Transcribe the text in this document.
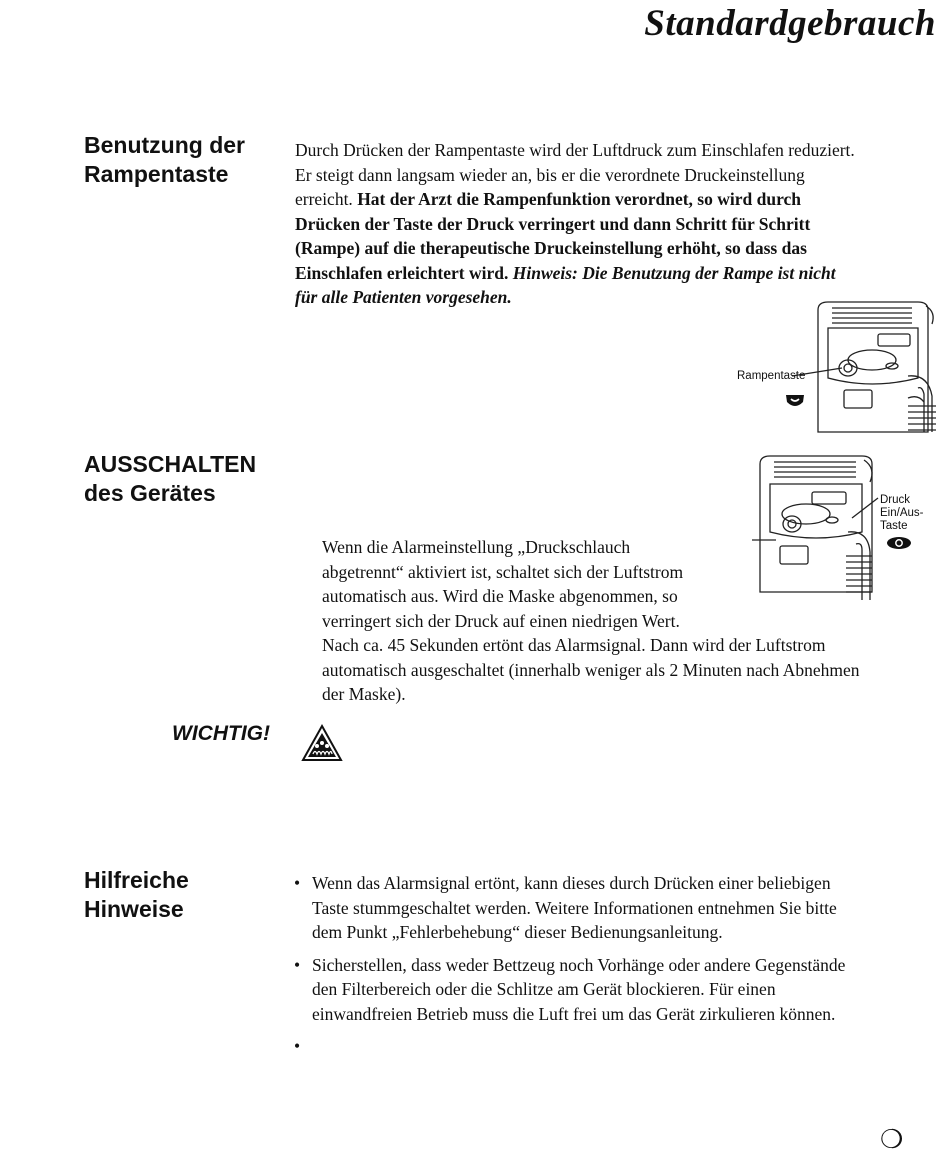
Standardgebrauch
Benutzung der
Rampentaste
Durch Drücken der Rampentaste wird der Luftdruck zum Einschlafen reduziert.
Er steigt dann langsam wieder an, bis er die verordnete Druckeinstellung
erreicht. Hat der Arzt die Rampenfunktion verordnet, so wird durch
Drücken der Taste der Druck verringert und dann Schritt für Schritt
(Rampe) auf die therapeutische Druckeinstellung erhöht, so dass das
Einschlafen erleichtert wird. Hinweis: Die Benutzung der Rampe ist nicht
für alle Patienten vorgesehen.
Rampentaste
AUSSCHALTEN
des Gerätes	Druck
Ein/Aus-
Taste
Wenn die Alarmeinstellung „Druckschlauch
abgetrennt“ aktiviert ist, schaltet sich der Luftstrom
automatisch aus. Wird die Maske abgenommen, so
verringert sich der Druck auf einen niedrigen Wert.
Nach ca. 45 Sekunden ertönt das Alarmsignal. Dann wird der Luftstrom
automatisch ausgeschaltet (innerhalb weniger als 2 Minuten nach Abnehmen
der Maske).
WICHTIG!
Hilfreiche
Hinweise
• Wenn das Alarmsignal ertönt, kann dieses durch Drücken einer beliebigen
Taste stummgeschaltet werden. Weitere Informationen entnehmen Sie bitte
dem Punkt „Fehlerbehebung“ dieser Bedienungsanleitung.
• Sicherstellen, dass weder Bettzeug noch Vorhänge oder andere Gegenstände
den Filterbereich oder die Schlitze am Gerät blockieren. Für einen
einwandfreien Betrieb muss die Luft frei um das Gerät zirkulieren können.
•

❍
